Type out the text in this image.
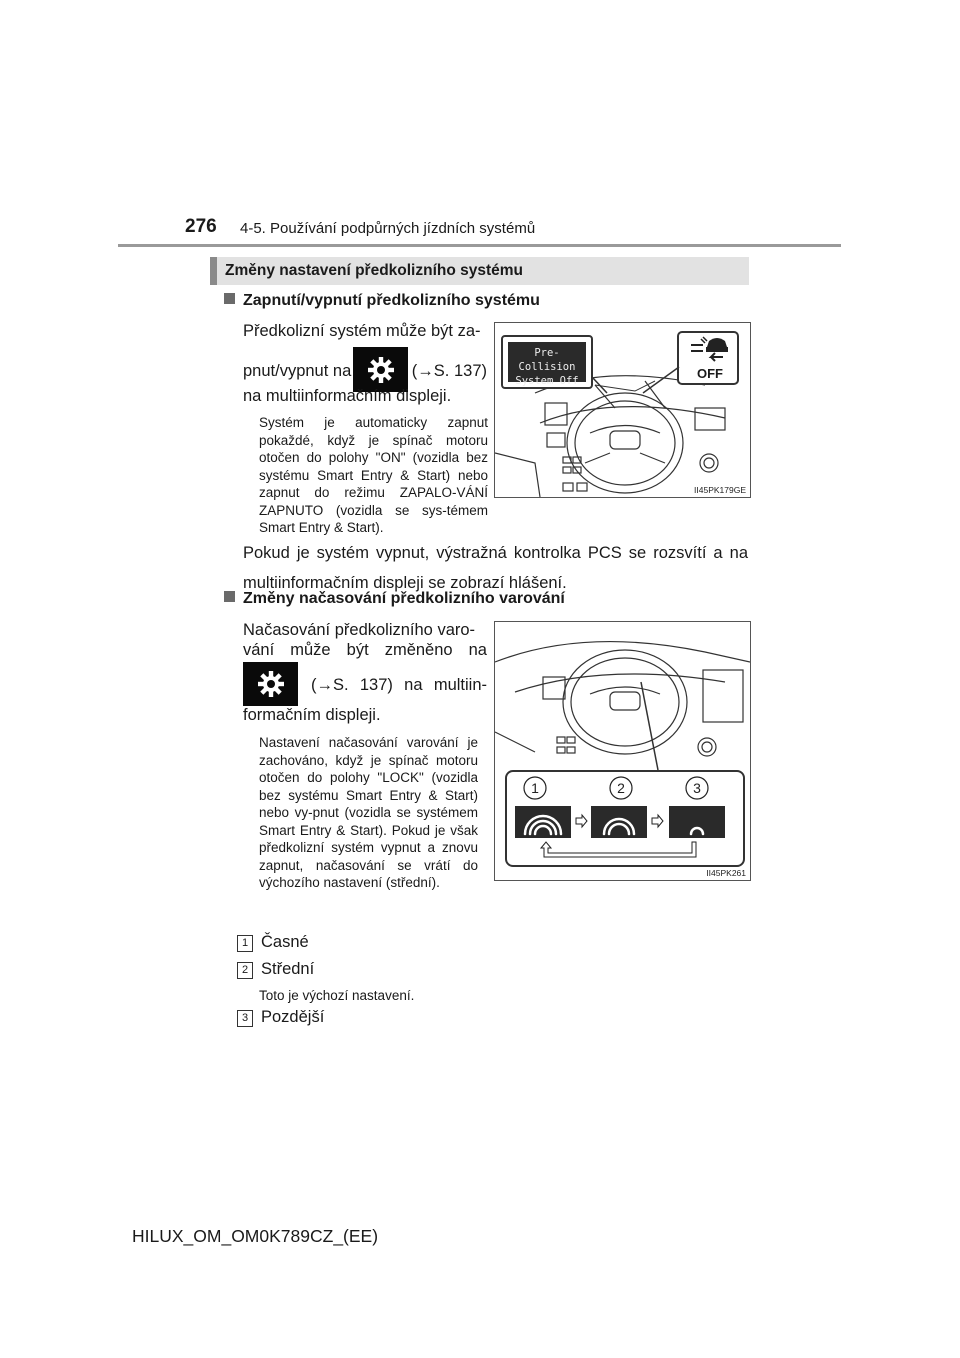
276 4-5. Používání podpůrných jízdních systémů
Změny nastavení předkolizního systému
Zapnutí/vypnutí předkolizního systému
Předkolizní systém může být za-
pnut/vypnut na	(→S. 137)
na multiinformačním displeji.
Systém je automaticky zapnut pokaždé, když je spínač motoru otočen do polohy "ON" (vozidla bez systému Smart Entry & Start) nebo zapnut do režimu ZAPALO-VÁNÍ ZAPNUTO (vozidla se sys-témem Smart Entry & Start).
Pre-Collision
System Off	OFF
II45PK179GE
Pokud je systém vypnut, výstražná kontrolka PCS se rozsvítí a na multiinformačním displeji se zobrazí hlášení.
Změny načasování předkolizního varování
Načasování předkolizního varo-
vání může být změněno na
(→S. 137) na multiin-
formačním displeji.
Nastavení načasování varování je zachováno, když je spínač motoru otočen do polohy "LOCK" (vozidla bez systému Smart Entry & Start) nebo vy-pnut (vozidla se systémem Smart Entry & Start). Pokud je však předkolizní systém vypnut a znovu zapnut, načasování se vrátí do výchozího nastavení (střední).
1	2	3
II45PK261
1 Časné
2 Střední
Toto je výchozí nastavení.
3 Pozdější
HILUX_OM_OM0K789CZ_(EE)
